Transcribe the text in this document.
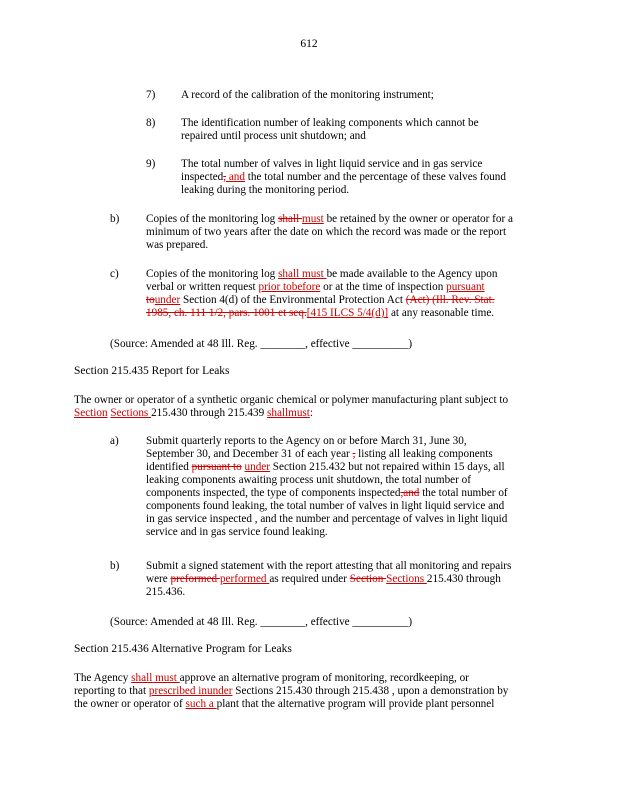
612
7) A record of the calibration of the monitoring instrument;
8) The identification number of leaking components which cannot be
repaired until process unit shutdown; and
9) The total number of valves in light liquid service and in gas service
inspected, and the total number and the percentage of these valves found
leaking during the monitoring period.
b) Copies of the monitoring log shall must be retained by the owner or operator for a
minimum of two years after the date on which the record was made or the report
was prepared.
c) Copies of the monitoring log shall must be made available to the Agency upon
verbal or written request prior tobefore or at the time of inspection pursuant
tounder Section 4(d) of the Environmental Protection Act (Act) (Ill. Rev. Stat.
1985, ch. 111 1/2, pars. 1001 et seq.[415 ILCS 5/4(d)] at any reasonable time.
(Source: Amended at 48 Ill. Reg. ________, effective __________)
Section 215.435 Report for Leaks
The owner or operator of a synthetic organic chemical or polymer manufacturing plant subject to
Section Sections 215.430 through 215.439 shallmust:
a) Submit quarterly reports to the Agency on or before March 31, June 30,
September 30, and December 31 of each year , listing all leaking components
identified pursuant to under Section 215.432 but not repaired within 15 days, all
leaking components awaiting process unit shutdown, the total number of
components inspected, the type of components inspected,and the total number of
components found leaking, the total number of valves in light liquid service and
in gas service inspected , and the number and percentage of valves in light liquid
service and in gas service found leaking.
b) Submit a signed statement with the report attesting that all monitoring and repairs
were preformed performed as required under Section Sections 215.430 through
215.436.
(Source: Amended at 48 Ill. Reg. ________, effective __________)
Section 215.436 Alternative Program for Leaks
The Agency shall must approve an alternative program of monitoring, recordkeeping, or
reporting to that prescribed inunder Sections 215.430 through 215.438 , upon a demonstration by
the owner or operator of such a plant that the alternative program will provide plant personnel
